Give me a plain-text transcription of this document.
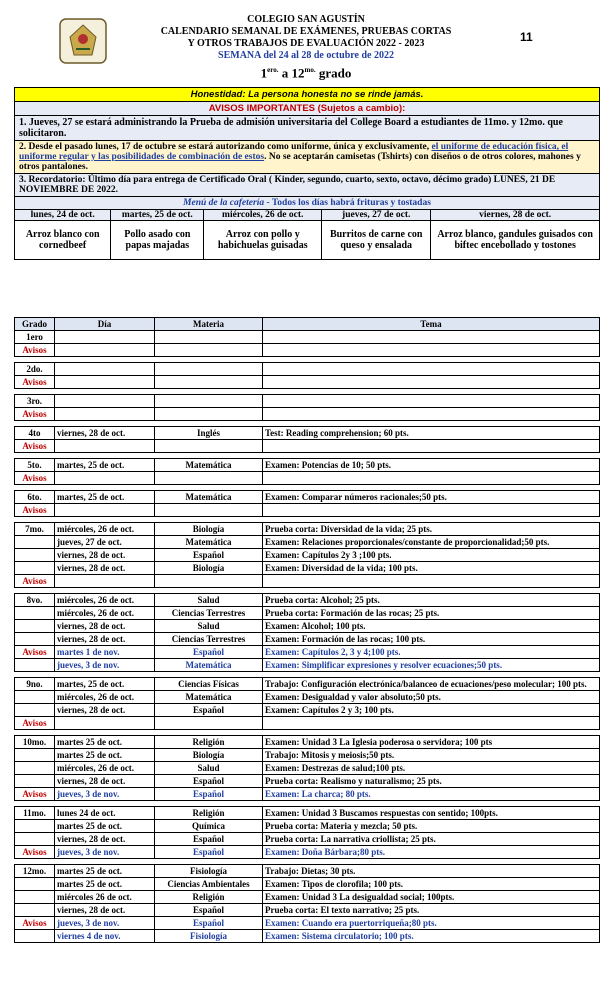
COLEGIO SAN AGUSTÍN
CALENDARIO SEMANAL DE EXÁMENES, PRUEBAS CORTAS
Y OTROS TRABAJOS DE EVALUACIÓN 2022 - 2023
SEMANA del 24 al 28 de octubre de 2022
$1^{ero.}$ a $12^{mo.}$ grado
11
Honestidad: La persona honesta no se rinde jamás.				
AVISOS IMPORTANTES (Sujetos a cambio):				
1. Jueves, 27 se estará administrando la Prueba de admisión universitaria del College Board a estudiantes de 11mo. y 12mo. que solicitaron.				
2. Desde el pasado lunes, 17 de octubre se estará autorizando como uniforme, única y exclusivamente, el uniforme de educación física, el uniforme regular y las posibilidades de combinación de estos. No se aceptarán camisetas (Tshirts) con diseños o de otros colores, mahones y otros pantalones.				
3. Recordatorio: Último día para entrega de Certificado Oral ( Kinder, segundo, cuarto, sexto, octavo, décimo grado) LUNES, 21 DE NOVIEMBRE DE 2022.				
Menú de la cafetería - Todos los días habrá frituras y tostadas				
lunes, 24 de oct.	martes, 25 de oct.	miércoles, 26 de oct.	jueves, 27 de oct.	viernes, 28 de oct.
Arroz blanco con cornedbeef	Pollo asado con papas majadas	Arroz con pollo y habichuelas guisadas	Burritos de carne con queso y ensalada	Arroz blanco, gandules guisados con biftec encebollado y tostones
Grado	Día	Materia	Tema
1ero			
Avisos			

2do.			
Avisos			

3ro.			
Avisos			

4to	viernes, 28 de oct.	Inglés	Test: Reading comprehension; 60 pts.
Avisos			

5to.	martes, 25 de oct.	Matemática	Examen: Potencias de 10; 50 pts.
Avisos			

6to.	martes, 25 de oct.	Matemática	Examen: Comparar números racionales;50 pts.
Avisos			

7mo.	miércoles, 26 de oct.	Biología	Prueba corta: Diversidad de la vida; 25 pts.
	jueves, 27 de oct.	Matemática	Examen: Relaciones proporcionales/constante de proporcionalidad;50 pts.
	viernes, 28 de oct.	Español	Examen: Capítulos 2y 3 ;100 pts.
	viernes, 28 de oct.	Biología	Examen: Diversidad de la vida; 100 pts.
Avisos			

8vo.	miércoles, 26 de oct.	Salud	Prueba corta: Alcohol; 25 pts.
	miércoles, 26 de oct.	Ciencias Terrestres	Prueba corta: Formación de las rocas; 25 pts.
	viernes, 28 de oct.	Salud	Examen: Alcohol; 100 pts.
	viernes, 28 de oct.	Ciencias Terrestres	Examen: Formación de las rocas; 100 pts.
Avisos	martes 1 de nov.	Español	Examen: Capítulos 2, 3 y 4;100 pts.
	jueves, 3 de nov.	Matemática	Examen: Simplificar expresiones y resolver ecuaciones;50 pts.

9no.	martes, 25 de oct.	Ciencias Físicas	Trabajo: Configuración electrónica/balanceo de ecuaciones/peso molecular; 100 pts.
	miércoles, 26 de oct.	Matemática	Examen: Desigualdad y valor absoluto;50 pts.
	viernes, 28 de oct.	Español	Examen: Capítulos 2 y 3; 100 pts.
Avisos			

10mo.	martes 25 de oct.	Religión	Examen: Unidad 3 La Iglesia poderosa o servidora; 100 pts
	martes 25 de oct.	Biología	Trabajo: Mitosis y meiosis;50 pts.
	miércoles, 26 de oct.	Salud	Examen: Destrezas de salud;100 pts.
	viernes, 28 de oct.	Español	Prueba corta: Realismo y naturalismo; 25 pts.
Avisos	jueves, 3 de nov.	Español	Examen: La charca; 80 pts.

11mo.	lunes 24 de oct.	Religión	Examen: Unidad 3 Buscamos respuestas con sentido; 100pts.
	martes 25 de oct.	Química	Prueba corta: Materia y mezcla; 50 pts.
	viernes, 28 de oct.	Español	Prueba corta: La narrativa criollista; 25 pts.
Avisos	jueves, 3 de nov.	Español	Examen: Doña Bárbara;80 pts.

12mo.	martes 25 de oct.	Fisiología	Trabajo: Dietas; 30 pts.
	martes 25 de oct.	Ciencias Ambientales	Examen: Tipos de clorofila; 100 pts.
	miércoles 26 de oct.	Religión	Examen: Unidad 3 La desigualdad social; 100pts.
	viernes, 28 de oct.	Español	Prueba corta: El texto narrativo; 25 pts.
Avisos	jueves, 3 de nov.	Español	Examen: Cuando era puertorriqueña;80 pts.
	viernes 4 de nov.	Fisiología	Examen: Sistema circulatorio; 100 pts.
